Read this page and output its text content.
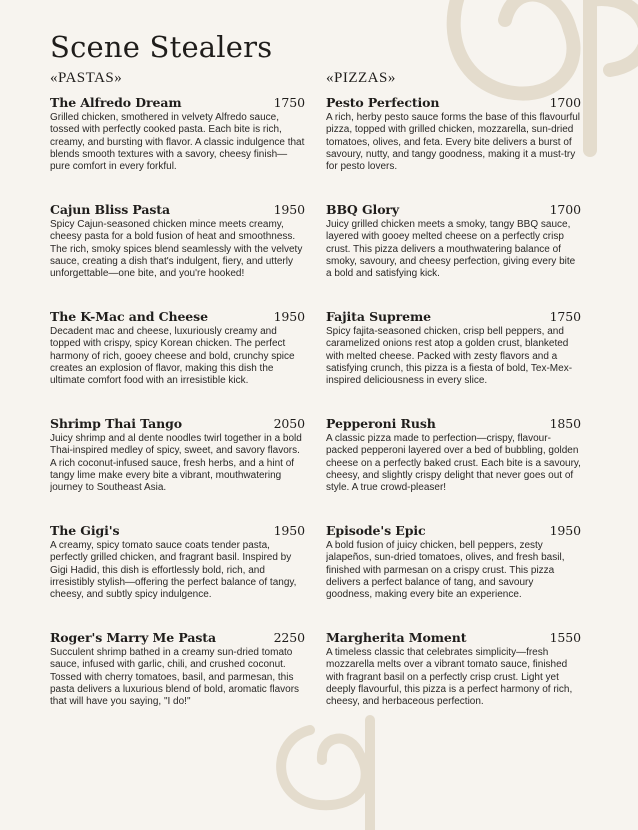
Scene Stealers
«PASTAS»	«PIZZAS»
The Alfredo Dream	1750

Grilled chicken, smothered in velvety Alfredo sauce, tossed with perfectly cooked pasta. Each bite is rich, creamy, and bursting with flavor. A classic indulgence that blends smooth textures with a savory, cheesy finish—pure comfort in every forkful.

Cajun Bliss Pasta	1950

Spicy Cajun-seasoned chicken mince meets creamy, cheesy pasta for a bold fusion of heat and smoothness. The rich, smoky spices blend seamlessly with the velvety sauce, creating a dish that's indulgent, fiery, and utterly unforgettable—one bite, and you're hooked!

The K-Mac and Cheese	1950

Decadent mac and cheese, luxuriously creamy and topped with crispy, spicy Korean chicken. The perfect harmony of rich, gooey cheese and bold, crunchy spice creates an explosion of flavor, making this dish the ultimate comfort food with an irresistible kick.

Shrimp Thai Tango	2050

Juicy shrimp and al dente noodles twirl together in a bold Thai-inspired medley of spicy, sweet, and savory flavors. A rich coconut-infused sauce, fresh herbs, and a hint of tangy lime make every bite a vibrant, mouthwatering journey to Southeast Asia.

The Gigi's	1950

A creamy, spicy tomato sauce coats tender pasta, perfectly grilled chicken, and fragrant basil. Inspired by Gigi Hadid, this dish is effortlessly bold, rich, and irresistibly stylish—offering the perfect balance of tangy, cheesy, and subtly spicy indulgence.

Roger's Marry Me Pasta	2250

Succulent shrimp bathed in a creamy sun-dried tomato sauce, infused with garlic, chili, and crushed coconut. Tossed with cherry tomatoes, basil, and parmesan, this pasta delivers a luxurious blend of bold, aromatic flavors that will have you saying, "I do!"

Pesto Perfection	1700

A rich, herby pesto sauce forms the base of this flavourful pizza, topped with grilled chicken, mozzarella, sun-dried tomatoes, olives, and feta. Every bite delivers a burst of savoury, nutty, and tangy goodness, making it a must-try for pesto lovers.

BBQ Glory	1700

Juicy grilled chicken meets a smoky, tangy BBQ sauce, layered with gooey melted cheese on a perfectly crisp crust. This pizza delivers a mouthwatering balance of smoky, savoury, and cheesy perfection, giving every bite a bold and satisfying kick.

Fajita Supreme	1750

Spicy fajita-seasoned chicken, crisp bell peppers, and caramelized onions rest atop a golden crust, blanketed with melted cheese. Packed with zesty flavors and a satisfying crunch, this pizza is a fiesta of bold, Tex-Mex-inspired deliciousness in every slice.

Pepperoni Rush	1850

A classic pizza made to perfection—crispy, flavour-packed pepperoni layered over a bed of bubbling, golden cheese on a perfectly baked crust. Each bite is a savoury, cheesy, and slightly crispy delight that never goes out of style. A true crowd-pleaser!

Episode's Epic	1950

A bold fusion of juicy chicken, bell peppers, zesty jalapeños, sun-dried tomatoes, olives, and fresh basil, finished with parmesan on a crispy crust. This pizza delivers a perfect balance of tang, and savoury goodness, making every bite an experience.

Margherita Moment	1550

A timeless classic that celebrates simplicity—fresh mozzarella melts over a vibrant tomato sauce, finished with fragrant basil on a perfectly crisp crust. Light yet deeply flavourful, this pizza is a perfect harmony of rich, cheesy, and herbaceous perfection.
